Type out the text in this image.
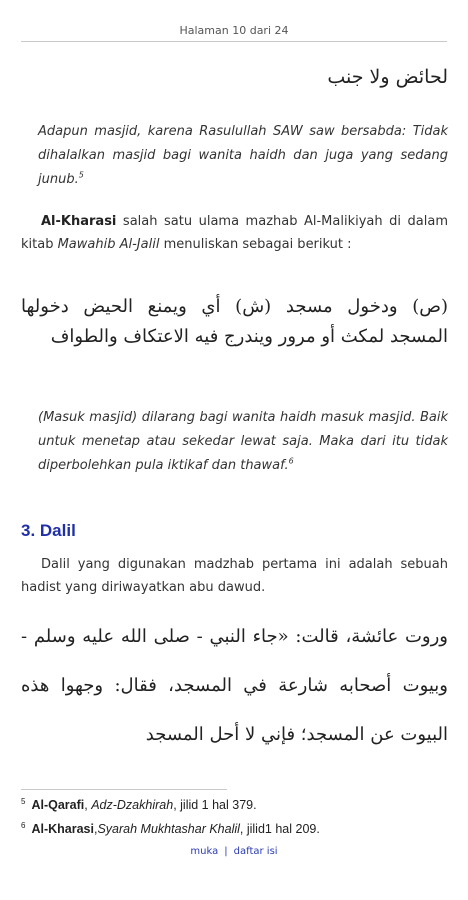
Halaman 10 dari 24
لحائض ولا جنب
Adapun masjid, karena Rasulullah SAW saw bersabda: Tidak dihalalkan masjid bagi wanita haidh dan juga yang sedang junub.$^5$
Al-Kharasi salah satu ulama mazhab Al-Malikiyah di dalam kitab Mawahib Al-Jalil menuliskan sebagai berikut :
(ص) ودخول مسجد (ش) أي ويمنع الحيض دخولها المسجد لمكث أو مرور ويندرج فيه الاعتكاف والطواف
(Masuk masjid) dilarang bagi wanita haidh masuk masjid. Baik untuk menetap atau sekedar lewat saja. Maka dari itu tidak diperbolehkan pula iktikaf dan thawaf.$^6$
3. Dalil
Dalil yang digunakan madzhab pertama ini adalah sebuah hadist yang diriwayatkan abu dawud.
وروت عائشة، قالت: «جاء النبي - صلى الله عليه وسلم - وبيوت أصحابه شارعة في المسجد، فقال: وجهوا هذه البيوت عن المسجد؛ فإني لا أحل المسجد
$^5$ Al-Qarafi, Adz-Dzakhirah, jilid 1 hal 379.
$^6$ Al-Kharasi,Syarah Mukhtashar Khalil, jilid1 hal 209.
muka | daftar isi
